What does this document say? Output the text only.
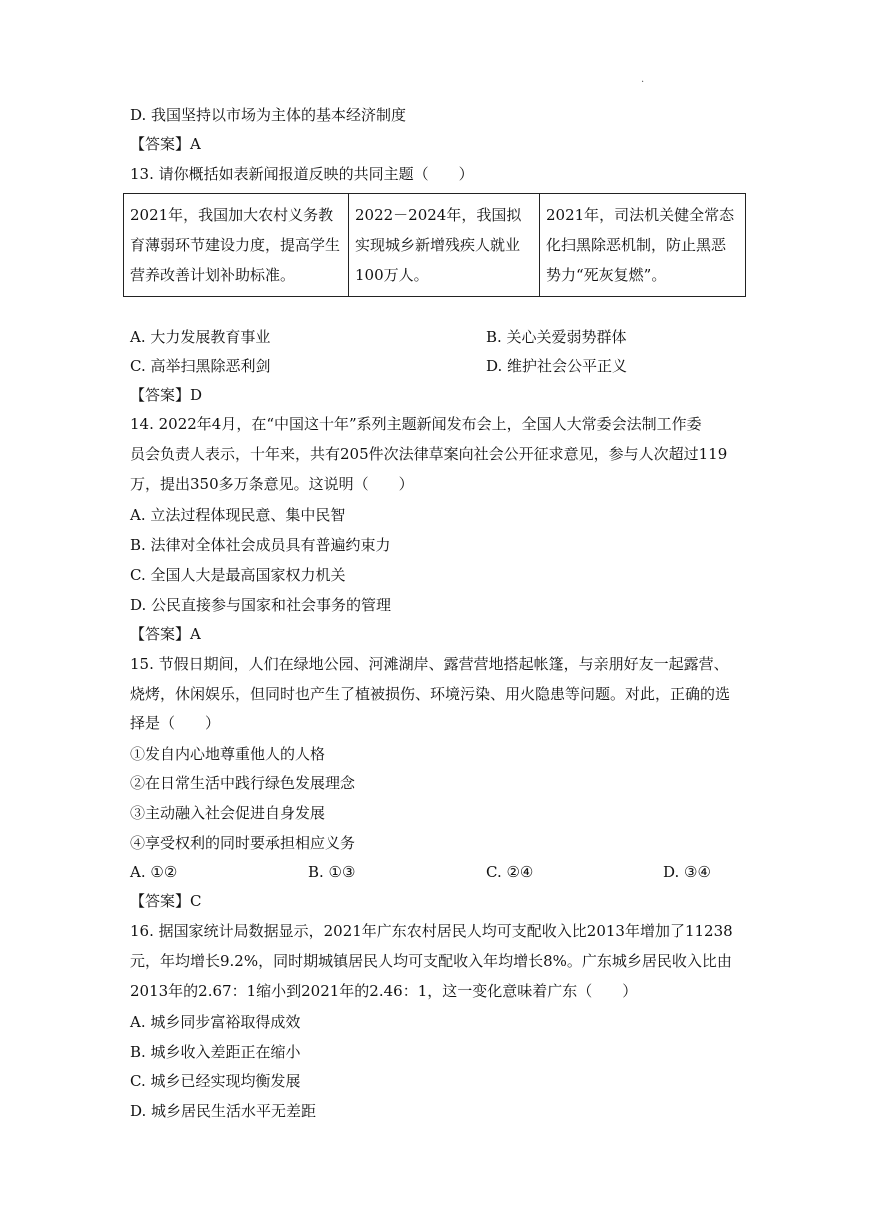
.
D. 我国坚持以市场为主体的基本经济制度
【答案】A
13. 请你概括如表新闻报道反映的共同主题（　　）
2021年，我国加大农村义务教育薄弱环节建设力度，提高学生营养改善计划补助标准。	2022－2024年，我国拟实现城乡新增残疾人就业100万人。	2021年，司法机关健全常态化扫黑除恶机制，防止黑恶势力“死灰复燃”。
A. 大力发展教育事业	B. 关心关爱弱势群体
C. 高举扫黑除恶利剑	D. 维护社会公平正义
【答案】D
14. 2022年4月，在“中国这十年”系列主题新闻发布会上，全国人大常委会法制工作委
员会负责人表示，十年来，共有205件次法律草案向社会公开征求意见，参与人次超过119
万，提出350多万条意见。这说明（　　）
A. 立法过程体现民意、集中民智
B. 法律对全体社会成员具有普遍约束力
C. 全国人大是最高国家权力机关
D. 公民直接参与国家和社会事务的管理
【答案】A
15. 节假日期间，人们在绿地公园、河滩湖岸、露营营地搭起帐篷，与亲朋好友一起露营、
烧烤，休闲娱乐，但同时也产生了植被损伤、环境污染、用火隐患等问题。对此，正确的选
择是（　　）
①发自内心地尊重他人的人格
②在日常生活中践行绿色发展理念
③主动融入社会促进自身发展
④享受权利的同时要承担相应义务
A. ①②	B. ①③	C. ②④	D. ③④
【答案】C
16. 据国家统计局数据显示，2021年广东农村居民人均可支配收入比2013年增加了11238
元，年均增长9.2%，同时期城镇居民人均可支配收入年均增长8%。广东城乡居民收入比由
2013年的2.67：1缩小到2021年的2.46：1，这一变化意味着广东（　　）
A. 城乡同步富裕取得成效
B. 城乡收入差距正在缩小
C. 城乡已经实现均衡发展
D. 城乡居民生活水平无差距
